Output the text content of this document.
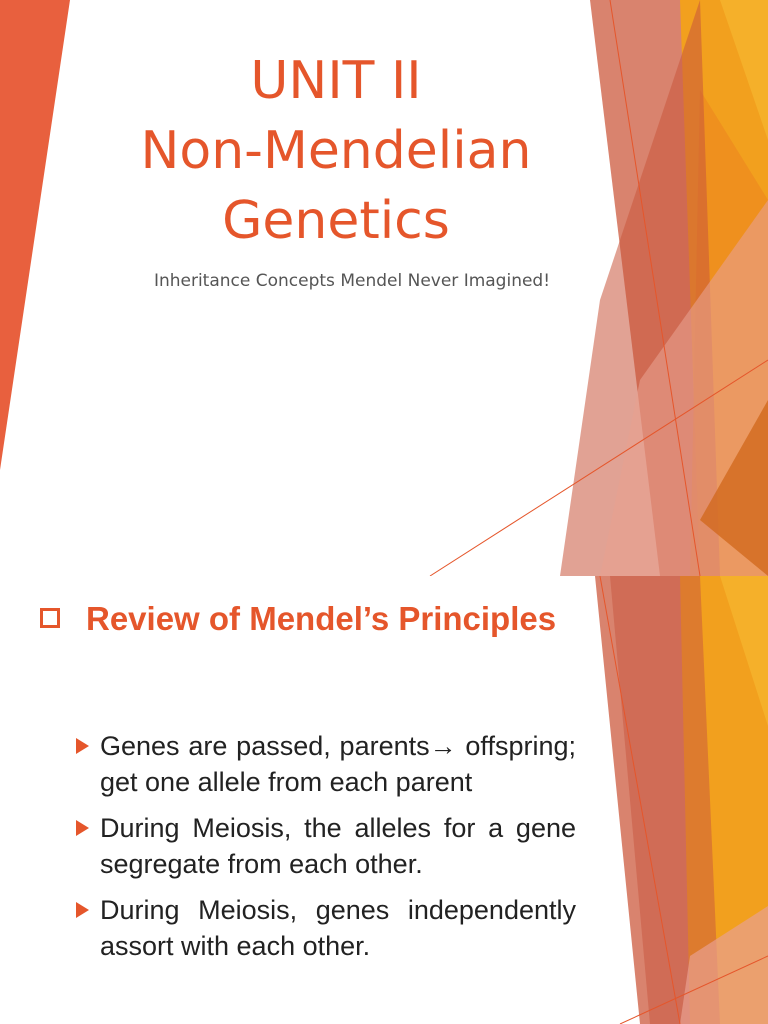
UNIT II
Non-Mendelian
Genetics
Inheritance Concepts Mendel Never Imagined!
Review of Mendel’s Principles
Genes are passed, parents→ offspring; get one allele from each parent
During Meiosis, the alleles for a gene segregate from each other.
During Meiosis, genes independently assort with each other.
